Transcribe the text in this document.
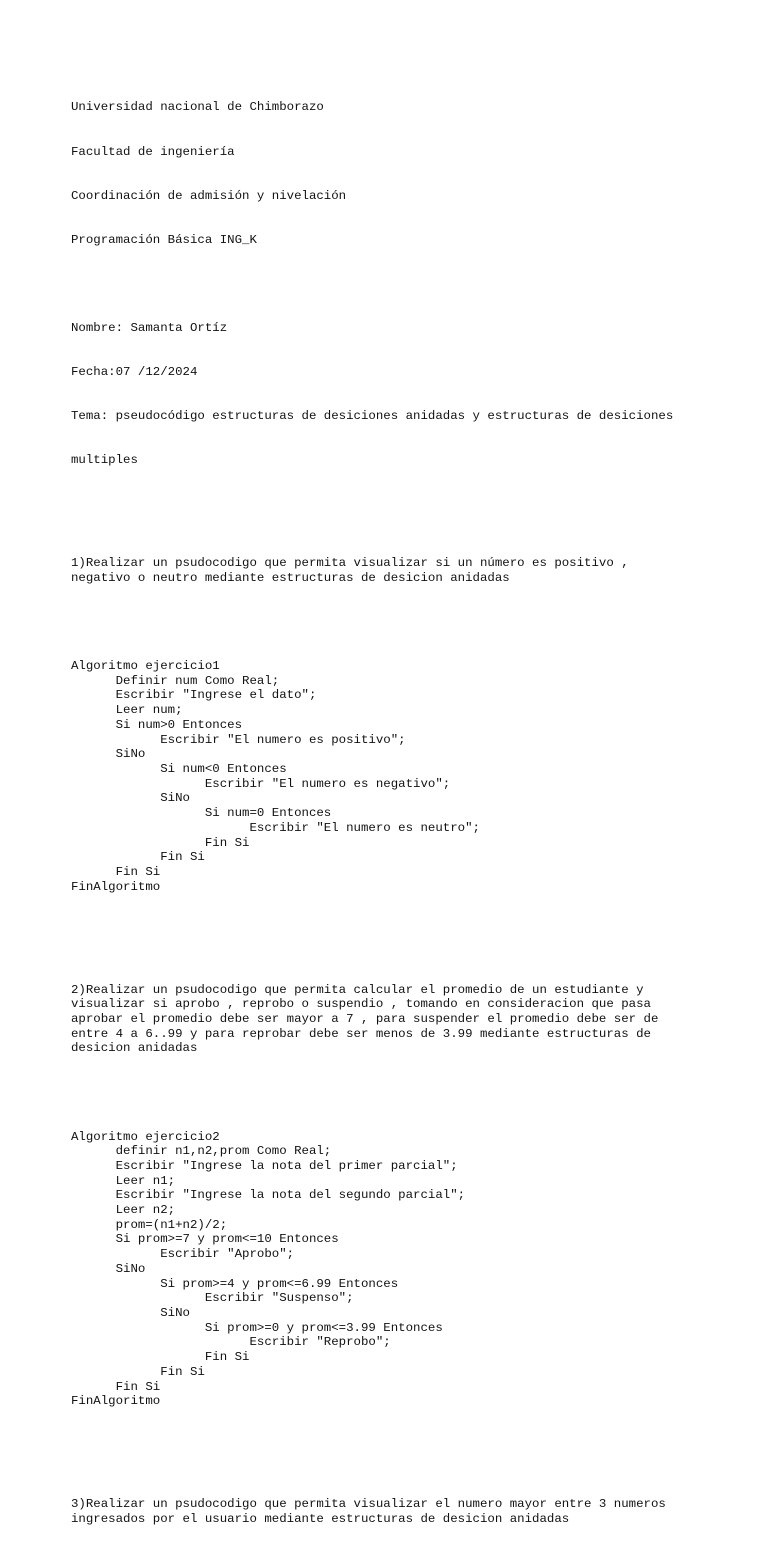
Universidad nacional de Chimborazo

Facultad de ingeniería

Coordinación de admisión y nivelación

Programación Básica ING_K

Nombre: Samanta Ortíz

Fecha:07 /12/2024

Tema: pseudocódigo estructuras de desiciones anidadas y estructuras de desiciones

multiples

1)Realizar un psudocodigo que permita visualizar si un número es positivo ,
negativo o neutro mediante estructuras de desicion anidadas

Algoritmo ejercicio1
Definir num Como Real;
Escribir "Ingrese el dato";
Leer num;
Si num>0 Entonces
Escribir "El numero es positivo";
SiNo
Si num<0 Entonces
Escribir "El numero es negativo";
SiNo
Si num=0 Entonces
Escribir "El numero es neutro";
Fin Si
Fin Si
Fin Si
FinAlgoritmo

2)Realizar un psudocodigo que permita calcular el promedio de un estudiante y
visualizar si aprobo , reprobo o suspendio , tomando en consideracion que pasa
aprobar el promedio debe ser mayor a 7 , para suspender el promedio debe ser de
entre 4 a 6..99 y para reprobar debe ser menos de 3.99 mediante estructuras de
desicion anidadas

Algoritmo ejercicio2
definir n1,n2,prom Como Real;
Escribir "Ingrese la nota del primer parcial";
Leer n1;
Escribir "Ingrese la nota del segundo parcial";
Leer n2;
prom=(n1+n2)/2;
Si prom>=7 y prom<=10 Entonces
Escribir "Aprobo";
SiNo
Si prom>=4 y prom<=6.99 Entonces
Escribir "Suspenso";
SiNo
Si prom>=0 y prom<=3.99 Entonces
Escribir "Reprobo";
Fin Si
Fin Si
Fin Si
FinAlgoritmo

3)Realizar un psudocodigo que permita visualizar el numero mayor entre 3 numeros
ingresados por el usuario mediante estructuras de desicion anidadas
